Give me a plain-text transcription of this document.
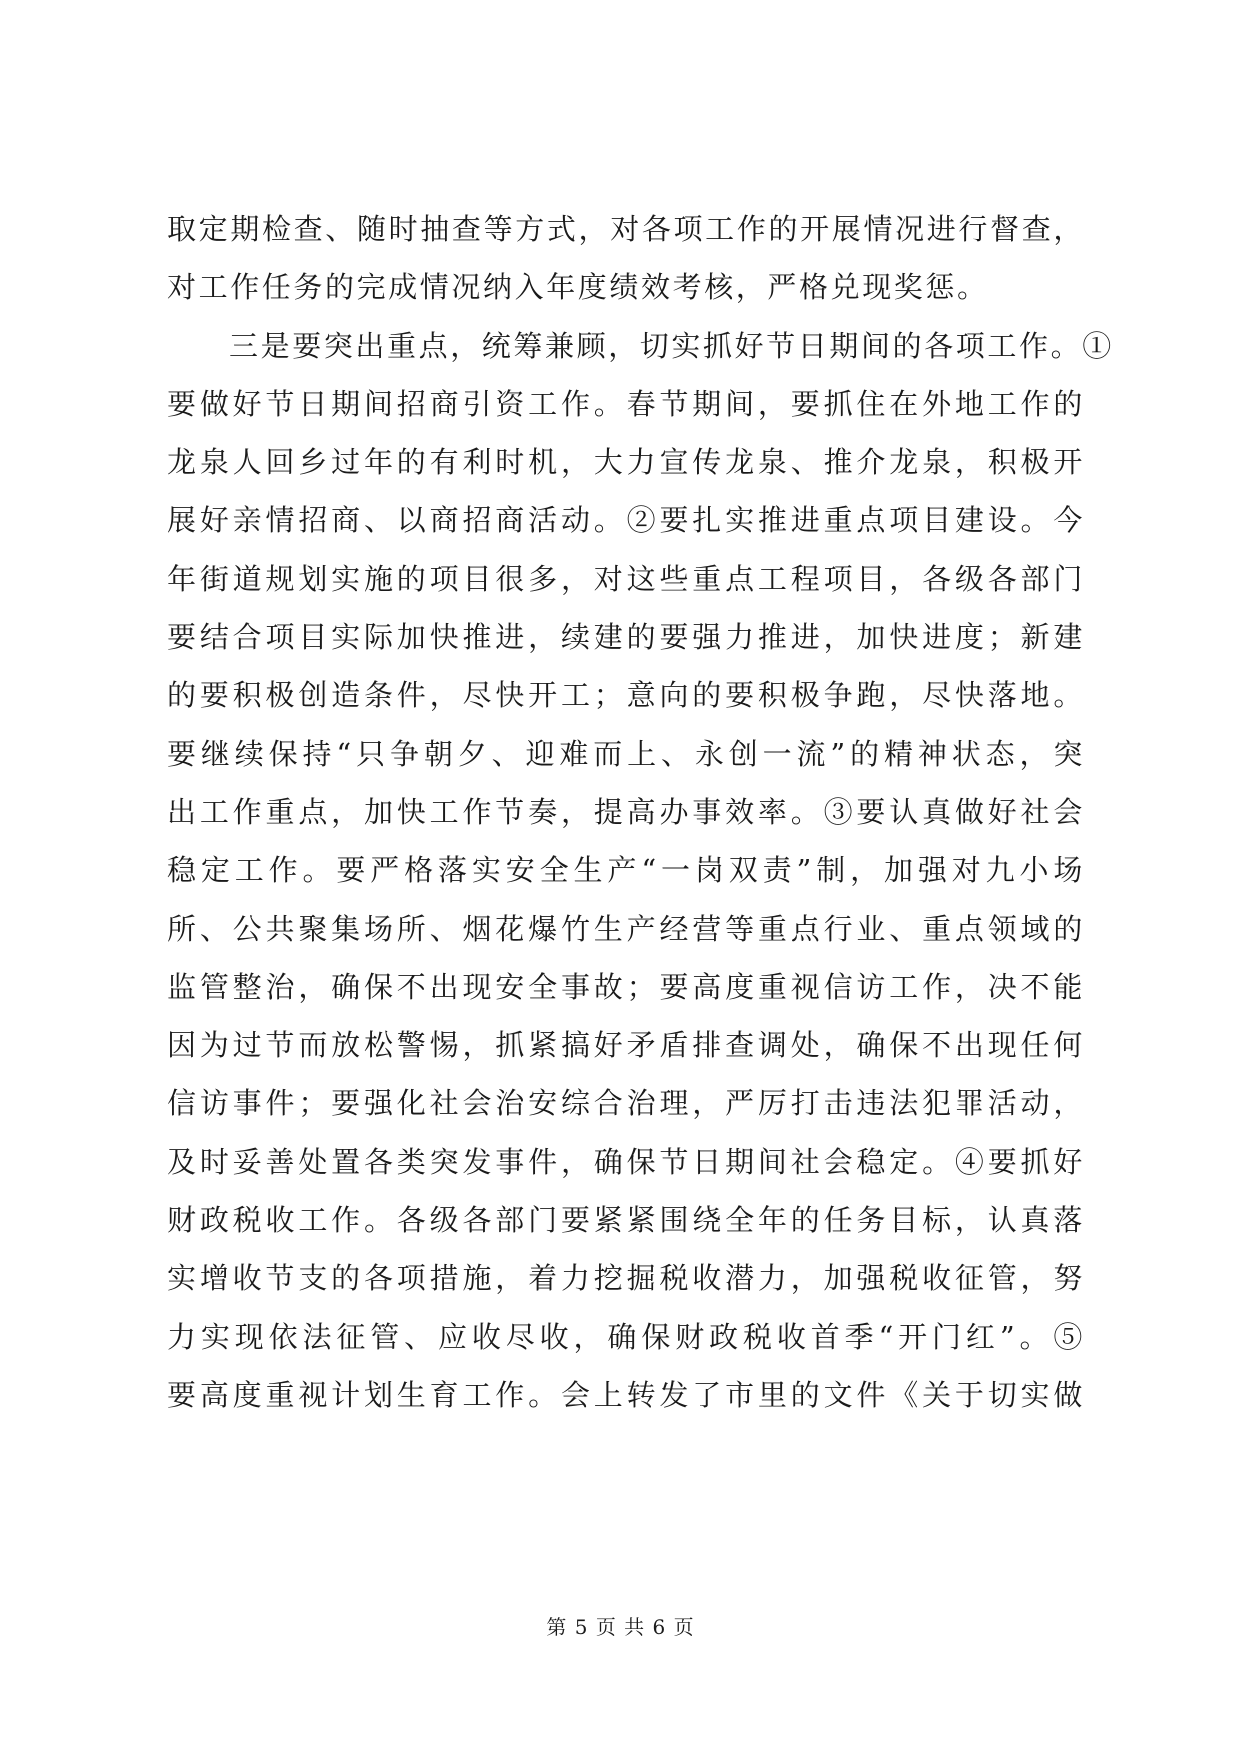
取定期检查、随时抽查等方式，对各项工作的开展情况进行督查，
对工作任务的完成情况纳入年度绩效考核，严格兑现奖惩。
三是要突出重点，统筹兼顾，切实抓好节日期间的各项工作。①
要做好节日期间招商引资工作。春节期间，要抓住在外地工作的
龙泉人回乡过年的有利时机，大力宣传龙泉、推介龙泉，积极开
展好亲情招商、以商招商活动。②要扎实推进重点项目建设。今
年街道规划实施的项目很多，对这些重点工程项目，各级各部门
要结合项目实际加快推进，续建的要强力推进，加快进度；新建
的要积极创造条件，尽快开工；意向的要积极争跑，尽快落地。
要继续保持“只争朝夕、迎难而上、永创一流”的精神状态，突
出工作重点，加快工作节奏，提高办事效率。③要认真做好社会
稳定工作。要严格落实安全生产“一岗双责”制，加强对九小场
所、公共聚集场所、烟花爆竹生产经营等重点行业、重点领域的
监管整治，确保不出现安全事故；要高度重视信访工作，决不能
因为过节而放松警惕，抓紧搞好矛盾排查调处，确保不出现任何
信访事件；要强化社会治安综合治理，严厉打击违法犯罪活动，
及时妥善处置各类突发事件，确保节日期间社会稳定。④要抓好
财政税收工作。各级各部门要紧紧围绕全年的任务目标，认真落
实增收节支的各项措施，着力挖掘税收潜力，加强税收征管，努
力实现依法征管、应收尽收，确保财政税收首季“开门红”。⑤
要高度重视计划生育工作。会上转发了市里的文件《关于切实做
第 5 页 共 6 页
